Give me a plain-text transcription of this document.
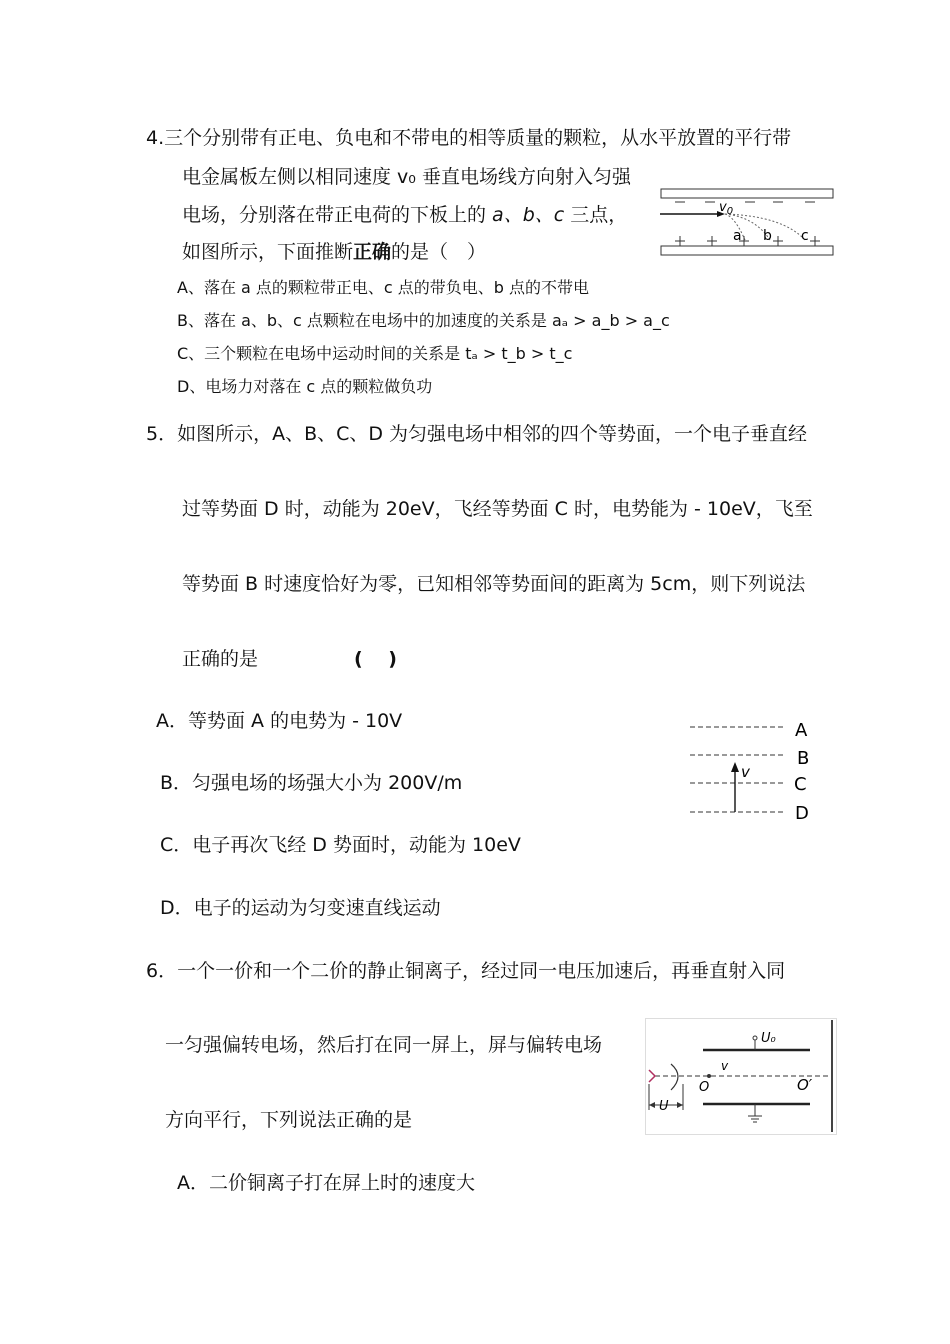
4.三个分别带有正电、负电和不带电的相等质量的颗粒，从水平放置的平行带
电金属板左侧以相同速度 v₀ 垂直电场线方向射入匀强
电场，分别落在带正电荷的下板上的 a、b、c 三点，
如图所示，下面推断正确的是（　）
A、落在 a 点的颗粒带正电、c 点的带负电、b 点的不带电
B、落在 a、b、c 点颗粒在电场中的加速度的关系是 aₐ > a_b > a_c
C、三个颗粒在电场中运动时间的关系是 tₐ > t_b > t_c
D、电场力对落在 c 点的颗粒做负功
$v_0$
a b c
5．如图所示，A、B、C、D 为匀强电场中相邻的四个等势面，一个电子垂直经
过等势面 D 时，动能为 20eV，飞经等势面 C 时，电势能为 - 10eV，飞至
等势面 B 时速度恰好为零，已知相邻等势面间的距离为 5cm，则下列说法
正确的是	(　 )
A．等势面 A 的电势为 - 10V
B．匀强电场的场强大小为 200V/m
C．电子再次飞经 D 势面时，动能为 10eV
D．电子的运动为匀变速直线运动
v
A
B
C
D
6．一个一价和一个二价的静止铜离子，经过同一电压加速后，再垂直射入同
一匀强偏转电场，然后打在同一屏上，屏与偏转电场
方向平行，下列说法正确的是
A．二价铜离子打在屏上时的速度大
U₀
v
O	O′
U
